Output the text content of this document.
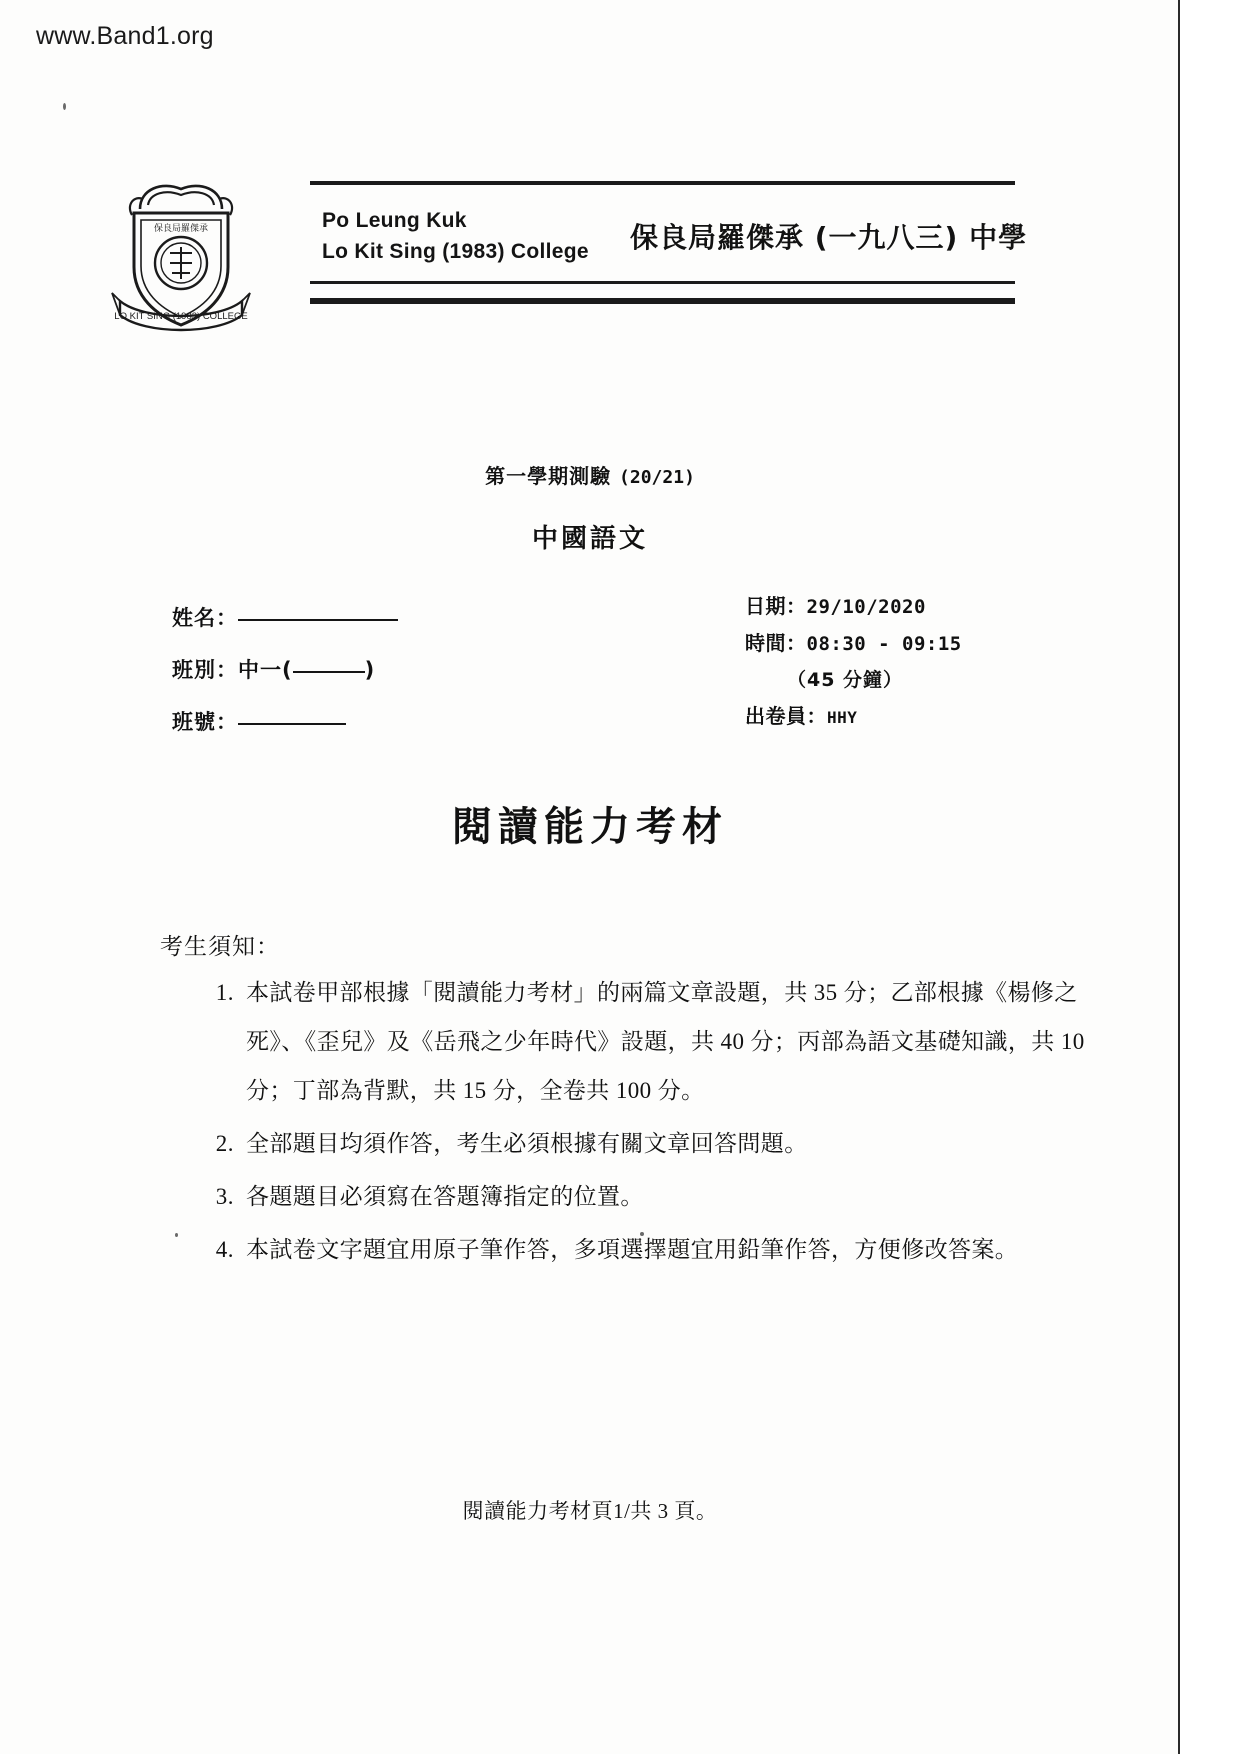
www.Band1.org
保良局羅傑承
LO KIT SING (1983) COLLEGE
Po Leung Kuk
Lo Kit Sing (1983) College 保良局羅傑承 (一九八三) 中學
第一學期測驗 (20/21)
中國語文
姓名：
班別：中一(	)
班號：
日期：29/10/2020
時間：08:30 - 09:15
（45 分鐘）
出卷員：HHY
閱讀能力考材
考生須知：
1. 本試卷甲部根據「閱讀能力考材」的兩篇文章設題，共 35 分；乙部根據《楊修之死》、《歪兒》及《岳飛之少年時代》設題，共 40 分；丙部為語文基礎知識，共 10 分；丁部為背默，共 15 分，全卷共 100 分。
2. 全部題目均須作答，考生必須根據有關文章回答問題。
3. 各題題目必須寫在答題簿指定的位置。
4. 本試卷文字題宜用原子筆作答，多項選擇題宜用鉛筆作答，方便修改答案。
閱讀能力考材頁1/共 3 頁。
